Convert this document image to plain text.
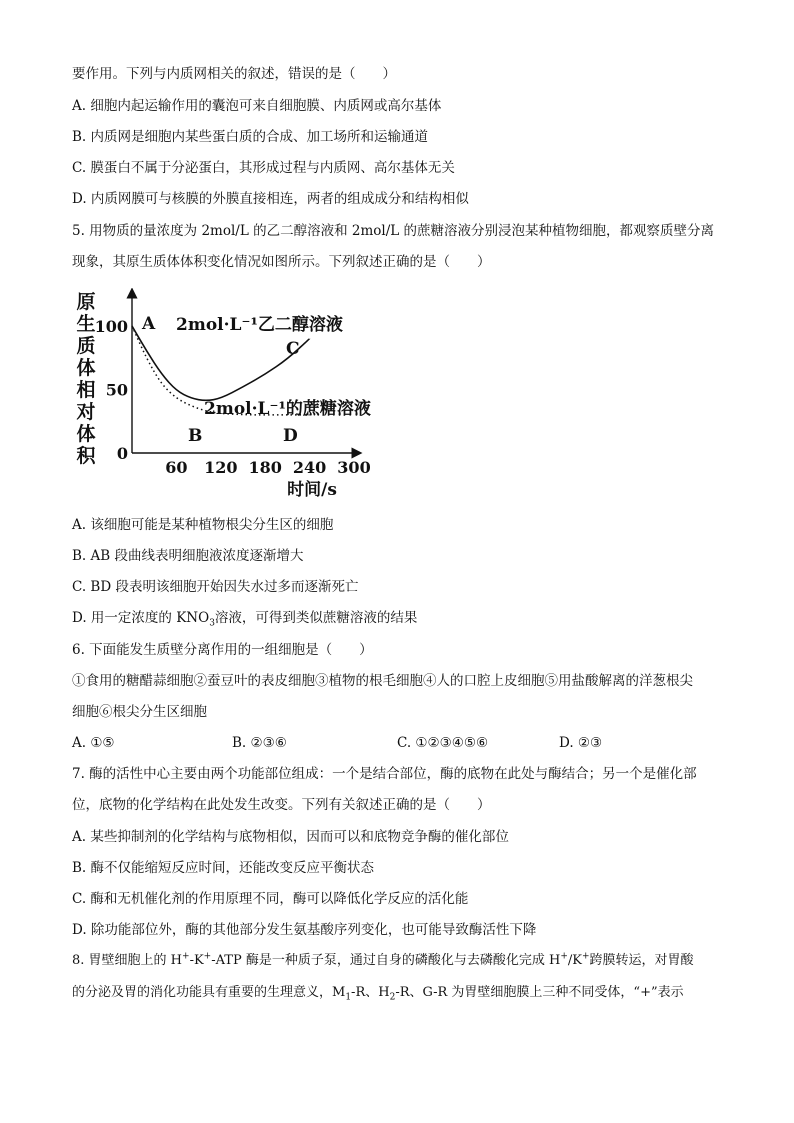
要作用。下列与内质网相关的叙述，错误的是（　　）
A. 细胞内起运输作用的囊泡可来自细胞膜、内质网或高尔基体
B. 内质网是细胞内某些蛋白质的合成、加工场所和运输通道
C. 膜蛋白不属于分泌蛋白，其形成过程与内质网、高尔基体无关
D. 内质网膜可与核膜的外膜直接相连，两者的组成成分和结构相似
5. 用物质的量浓度为 2mol/L 的乙二醇溶液和 2mol/L 的蔗糖溶液分别浸泡某种植物细胞，都观察质壁分离
现象，其原生质体体积变化情况如图所示。下列叙述正确的是（　　）
原
生
质
体
相
对
体
积
60 120 180 240 300
0
50
100
时间/s
A
B
C
D
2mol·L⁻¹乙二醇溶液
2mol·L⁻¹的蔗糖溶液
A. 该细胞可能是某种植物根尖分生区的细胞
B. AB 段曲线表明细胞液浓度逐渐增大
C. BD 段表明该细胞开始因失水过多而逐渐死亡
D. 用一定浓度的 $KNO_3$溶液，可得到类似蔗糖溶液的结果
6. 下面能发生质壁分离作用的一组细胞是（　　）
①食用的糖醋蒜细胞②蚕豆叶的表皮细胞③植物的根毛细胞④人的口腔上皮细胞⑤用盐酸解离的洋葱根尖
细胞⑥根尖分生区细胞
A. ①⑤	B. ②③⑥	C. ①②③④⑤⑥	D. ②③
7. 酶的活性中心主要由两个功能部位组成：一个是结合部位，酶的底物在此处与酶结合；另一个是催化部
位，底物的化学结构在此处发生改变。下列有关叙述正确的是（　　）
A. 某些抑制剂的化学结构与底物相似，因而可以和底物竞争酶的催化部位
B. 酶不仅能缩短反应时间，还能改变反应平衡状态
C. 酶和无机催化剂的作用原理不同，酶可以降低化学反应的活化能
D. 除功能部位外，酶的其他部分发生氨基酸序列变化，也可能导致酶活性下降
8. 胃壁细胞上的 H+-K+-ATP 酶是一种质子泵，通过自身的磷酸化与去磷酸化完成 H+/K+跨膜转运，对胃酸
的分泌及胃的消化功能具有重要的生理意义，$M_1-R$、$H_2-R$、G-R 为胃壁细胞膜上三种不同受体，“+”表示
